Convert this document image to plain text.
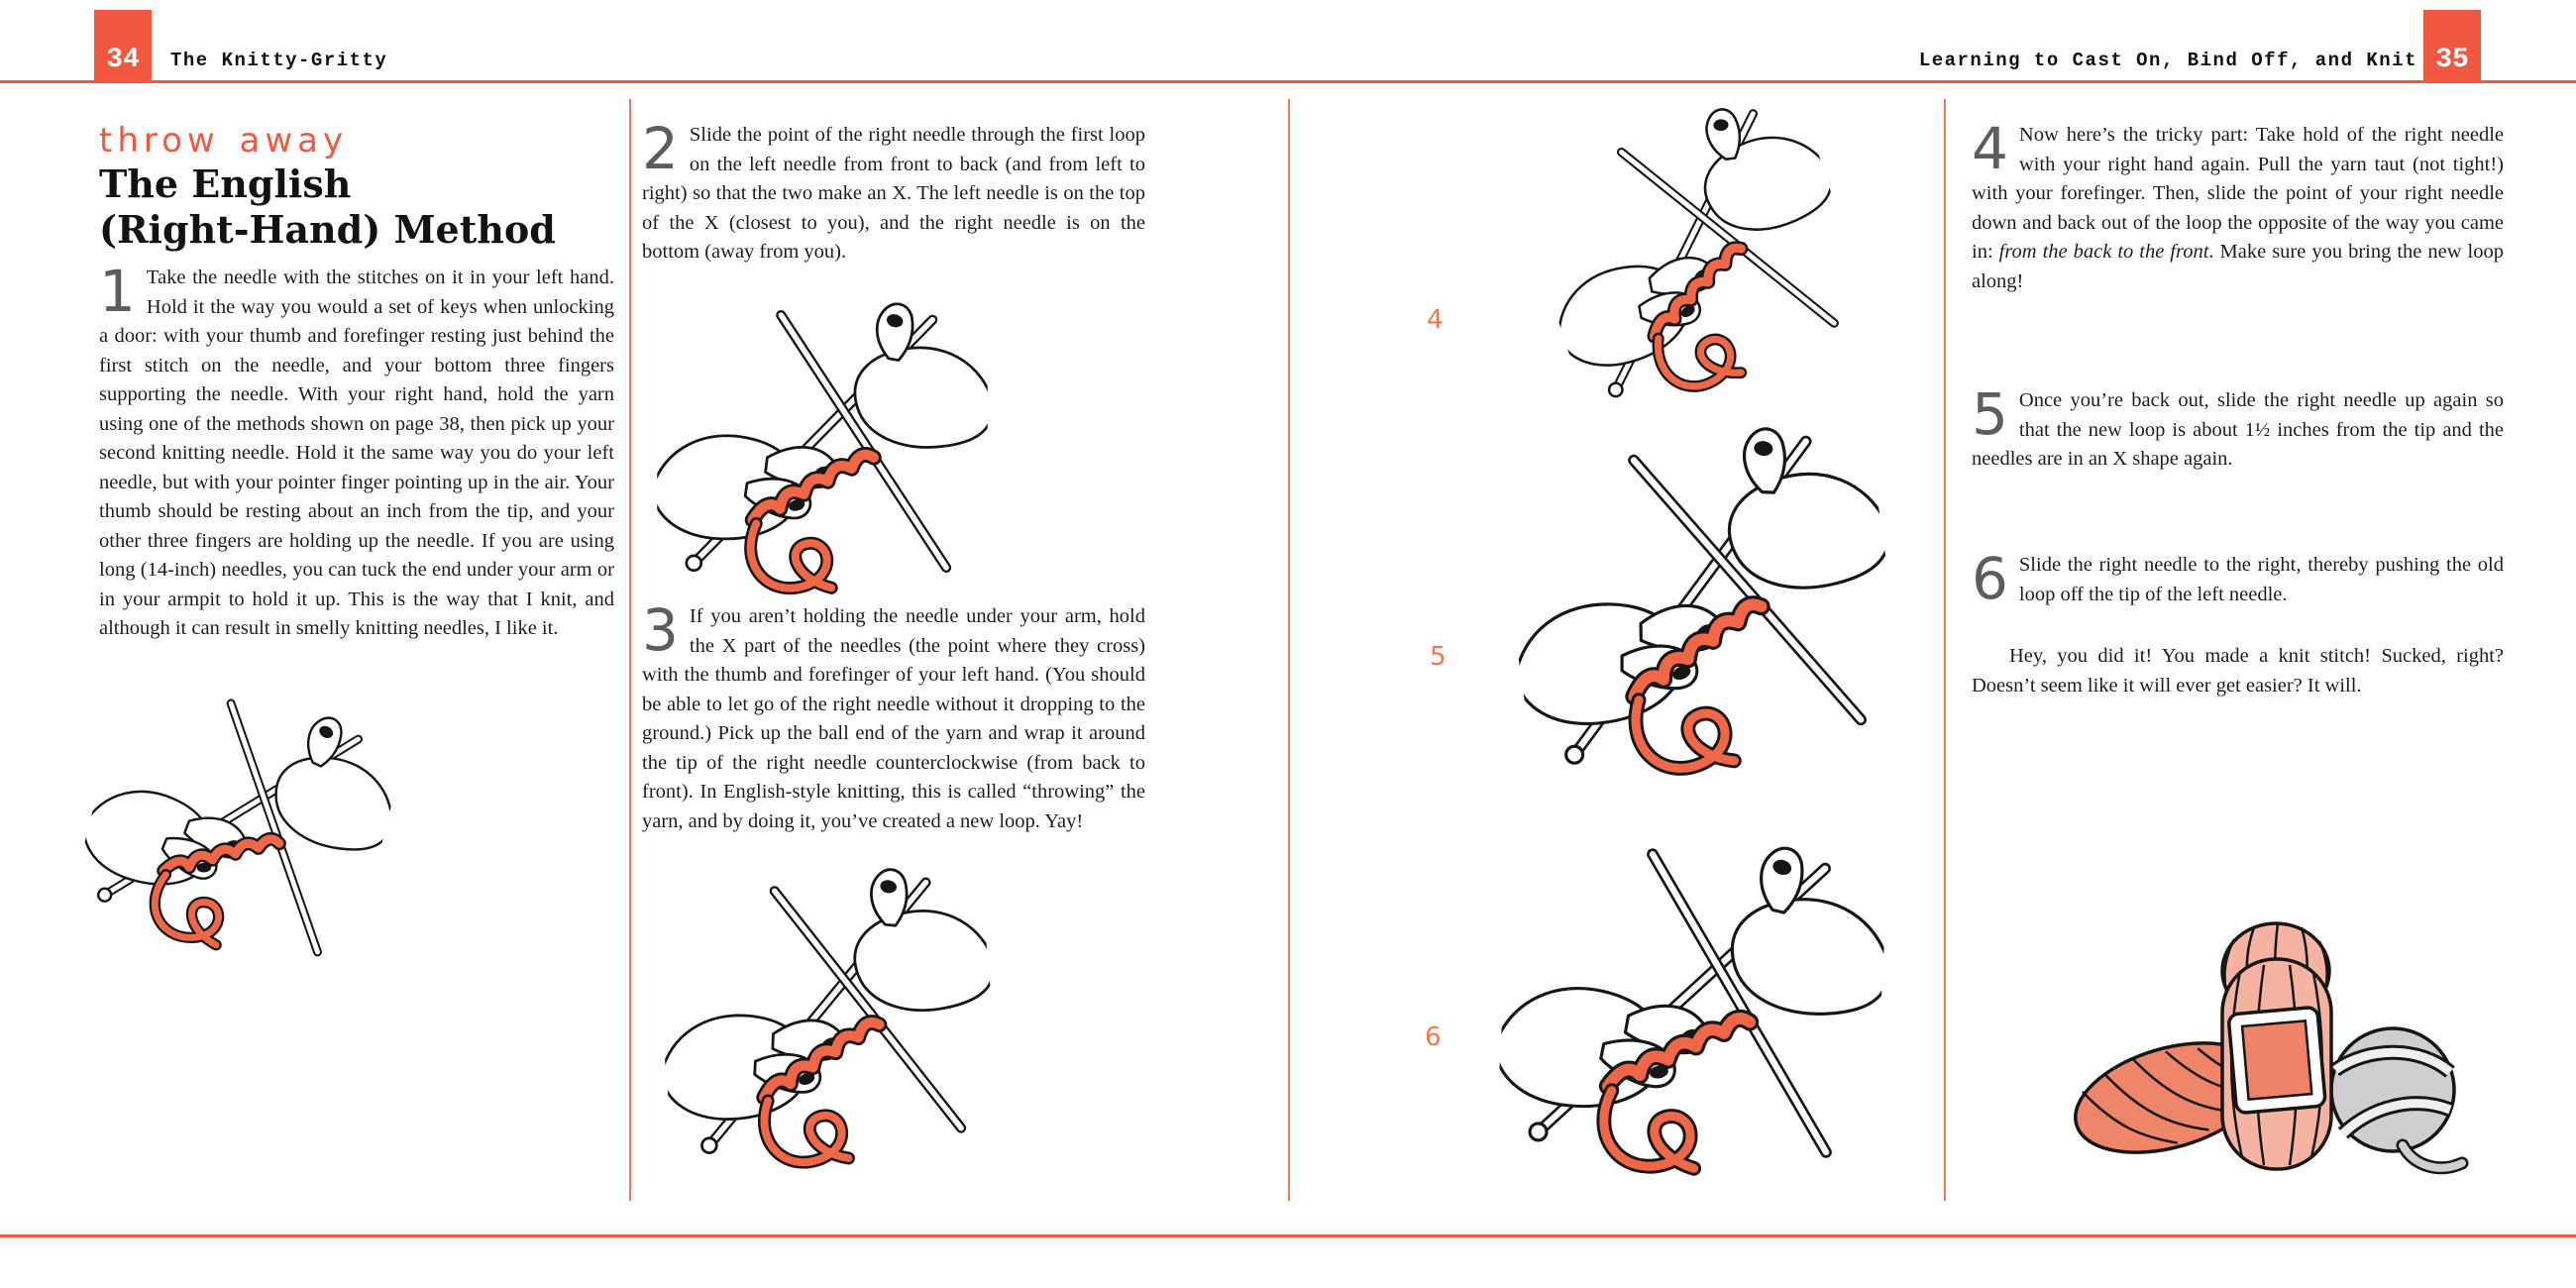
34	The Knitty-Gritty	Learning to Cast On, Bind Off, and Knit 35
throw away
The English
(Right-Hand) Method

1 Take the needle with the stitches on it in your left hand. Hold it the way you would a set of keys when unlocking a door: with your thumb and forefinger resting just behind the first stitch on the needle, and your bottom three fingers supporting the needle. With your right hand, hold the yarn using one of the methods shown on page 38, then pick up your second knitting needle. Hold it the same way you do your left needle, but with your pointer finger pointing up in the air. Your thumb should be resting about an inch from the tip, and your other three fingers are holding up the needle. If you are using long (14-inch) needles, you can tuck the end under your arm or in your armpit to hold it up. This is the way that I knit, and although it can result in smelly knitting needles, I like it.

2 Slide the point of the right needle through the first loop on the left needle from front to back (and from left to right) so that the two make an X. The left needle is on the top of the X (closest to you), and the right needle is on the bottom (away from you).

3 If you aren’t holding the needle under your arm, hold the X part of the needles (the point where they cross) with the thumb and forefinger of your left hand. (You should be able to let go of the right needle without it dropping to the ground.) Pick up the ball end of the yarn and wrap it around the tip of the right needle counterclockwise (from back to front). In English-style knitting, this is called “throwing” the yarn, and by doing it, you’ve created a new loop. Yay!

4
5
6

4 Now here’s the tricky part: Take hold of the right needle with your right hand again. Pull the yarn taut (not tight!) with your forefinger. Then, slide the point of your right needle down and back out of the loop the opposite of the way you came in: from the back to the front. Make sure you bring the new loop along!

5 Once you’re back out, slide the right needle up again so that the new loop is about 1½ inches from the tip and the needles are in an X shape again.

6 Slide the right needle to the right, thereby pushing the old loop off the tip of the left needle.

Hey, you did it! You made a knit stitch! Sucked, right? Doesn’t seem like it will ever get easier? It will.
